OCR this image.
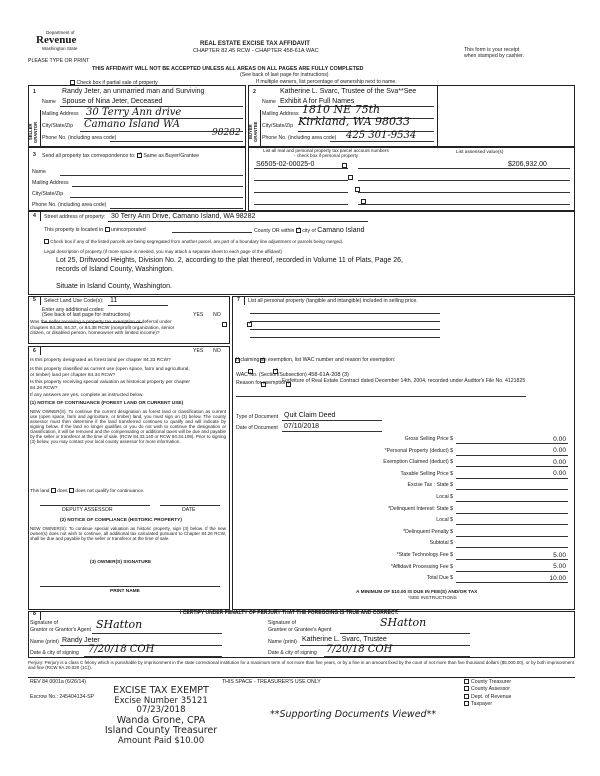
Department of
Revenue
Washington State
PLEASE TYPE OR PRINT
REAL ESTATE EXCISE TAX AFFIDAVIT
CHAPTER 82.45 RCW - CHAPTER 458-61A WAC	This form is your receipt
when stamped by cashier.
THIS AFFIDAVIT WILL NOT BE ACCEPTED UNLESS ALL AREAS ON ALL PAGES ARE FULLY COMPLETED
(See back of last page for instructions)
Check box if partial sale of property	If multiple owners, list percentage of ownership next to name.
1
SELLER GRANTOR
Randy Jeter, an unmarried man and Surviving
Name Spouse of Nina Jeter, Deceased
Mailing Address 30 Terry Ann drive
City/State/Zip Camano Island WA
98282
Phone No. (including area code)
2
BUYER GRANTEE
Katherine L. Svarc, Trustee of the Sva**See
Name Exhibit A for Full Names
Mailing Address 1810 NE 75th
City/State/Zip Kirkland, WA 98033
Phone No. (including area code) 425 301-9534
3 Send all property tax correspondence to: ✓ Same as Buyer/Grantee
Name
Mailing Address
City/State/Zip
Phone No. (including area code)
List all real and personal property tax parcel account numbers - check box if personal property
List assessed value(s)
S6505-02-00025-0	$206,932.00

4 Street address of property: 30 Terry Ann Drive, Camano Island, WA 98282
This property is located in unincorporated	County OR within ✓ city of Camano Island
Check box if any of the listed parcels are being segregated from another parcel, are part of a boundary line adjustment or parcels being merged.
Legal description of property (if more space is needed, you may attach a separate sheet to each page of the affidavit)
Lot 25, Driftwood Heights, Division No. 2, according to the plat thereof, recorded in Volume 11 of Plats, Page 26,
records of Island County, Washington.
Situate in Island County, Washington.
5 Select Land Use Code(s): 11
Enter any additional codes:
(See back of last page for instructions)	YES NO
Was the seller receiving a property tax exemption or deferral under chapters 84.36, 84.37, or 84.38 RCW (nonprofit organization, senior citizen, or disabled person, homeowner with limited income)?
✓
6	YES NO
Is this property designated as forest land per chapter 84.33 RCW?
✓
Is this property classified as current use (open space, farm and agricultural, or timber) land per chapter 84.34 RCW?
✓
Is this property receiving special valuation as historical property per chapter 84.26 RCW?
✓
If any answers are yes, complete as instructed below.
(1) NOTICE OF CONTINUANCE (FOREST LAND OR CURRENT USE)
NEW OWNER(S): To continue the current designation as forest land or classification as current use (open space, farm and agriculture, or timber) land, you must sign on (3) below. The county assessor must then determine if the land transferred continues to qualify and will indicate by signing below. If the land no longer qualifies or you do not wish to continue the designation or classification, it will be removed and the compensating or additional taxes will be due and payable by the seller or transferor at the time of sale. (RCW 84.33.140 or RCW 84.34.108). Prior to signing (3) below, you may contact your local county assessor for more information.
This land does does not qualify for continuance.
DEPUTY ASSESSOR	DATE
(2) NOTICE OF COMPLIANCE (HISTORIC PROPERTY)
NEW OWNER(S): To continue special valuation as historic property, sign (3) below. If the new owner(s) does not wish to continue, all additional tax calculated pursuant to Chapter 84.26 RCW, shall be due and payable by the seller or transferor at the time of sale.
(3) OWNER(S) SIGNATURE
PRINT NAME
7 List all personal property (tangible and intangible) included in selling price.
If claiming an exemption, list WAC number and reason for exemption:
WAC No. (Section/Subsection) 458-61A-208 (3)
Reason for exemption
Forfeiture of Real Estate Contract dated December 14th, 2004, recorded under Auditor's File No. 4121825
Type of Document Quit Claim Deed
Date of Document 07/10/2018
Gross Selling Price $	0.00
*Personal Property (deduct) $	0.00
Exemption Claimed (deduct) $	0.00
Taxable Selling Price $	0.00
Excise Tax : State $
Local $
*Delinquent Interest: State $
Local $
*Delinquent Penalty $
Subtotal $
*State Technology Fee $	5.00
*Affidavit Processing Fee $	5.00
Total Due $	10.00
A MINIMUM OF $10.00 IS DUE IN FEE(S) AND/OR TAX
*SEE INSTRUCTIONS
8	I CERTIFY UNDER PENALTY OF PERJURY THAT THE FOREGOING IS TRUE AND CORRECT.
Signature of
Grantor or Grantor's Agent SHatton
Name (print) Randy Jeter
Date & city of signing 7/20/18 COH
Signature of
Grantee or Grantee's Agent
SHatton
Name (print) Katherine L. Svarc, Trustee
Date & city of signing 7/20/18 COH
Perjury: Perjury is a class C felony which is punishable by imprisonment in the state correctional institution for a maximum term of not more than five years, or by a fine in an amount fixed by the court of not more than five thousand dollars ($5,000.00), or by both imprisonment and fine (RCW 9A.20.020 (1C)).
REV 84 0001a (6/26/14)	THIS SPACE - TREASURER'S USE ONLY
Escrow No.: 245404134-SP
County Treasurer
County Assessor
Dept. of Revenue
Taxpayer
EXCISE TAX EXEMPT
Excise Number 35121
07/23/2018
Wanda Grone, CPA
Island County Treasurer
Amount Paid $10.00
**Supporting Documents Viewed**
